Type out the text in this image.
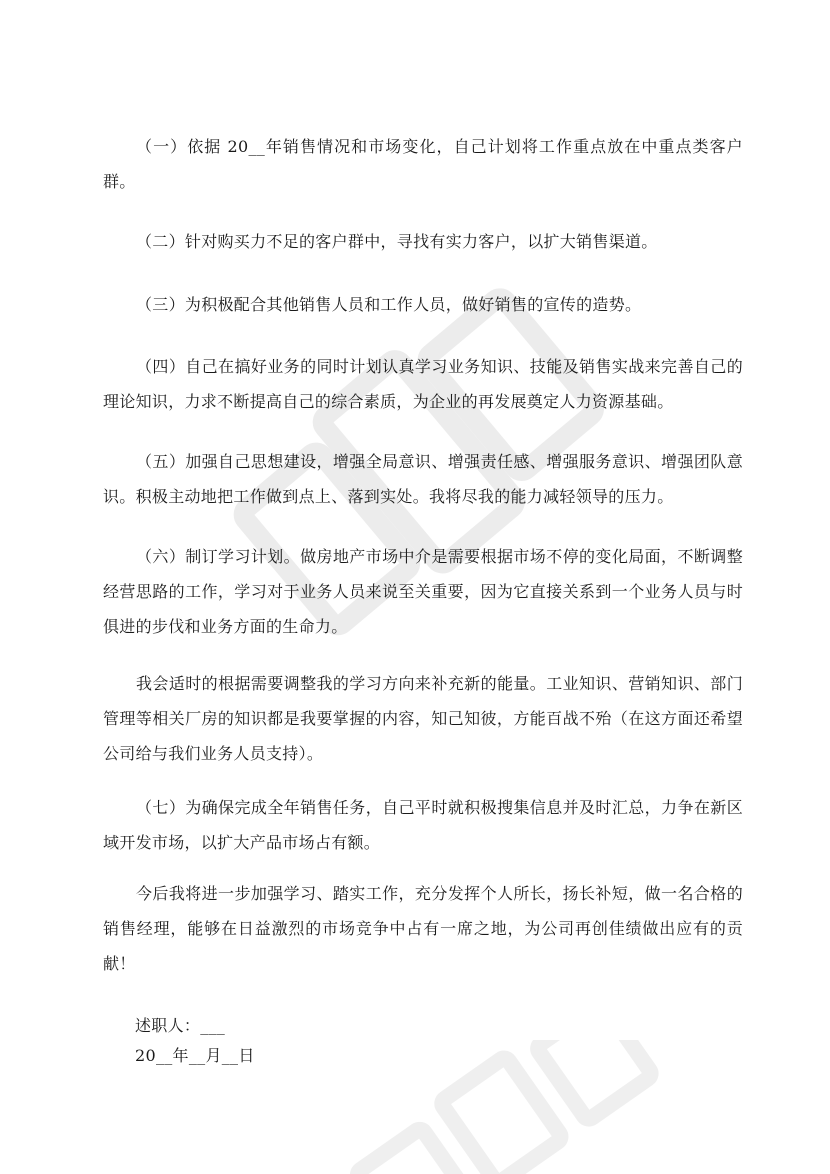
（一）依据 20__年销售情况和市场变化，自己计划将工作重点放在中重点类客户群。

（二）针对购买力不足的客户群中，寻找有实力客户，以扩大销售渠道。

（三）为积极配合其他销售人员和工作人员，做好销售的宣传的造势。

（四）自己在搞好业务的同时计划认真学习业务知识、技能及销售实战来完善自己的理论知识，力求不断提高自己的综合素质，为企业的再发展奠定人力资源基础。

（五）加强自己思想建设，增强全局意识、增强责任感、增强服务意识、增强团队意识。积极主动地把工作做到点上、落到实处。我将尽我的能力减轻领导的压力。

（六）制订学习计划。做房地产市场中介是需要根据市场不停的变化局面，不断调整经营思路的工作，学习对于业务人员来说至关重要，因为它直接关系到一个业务人员与时俱进的步伐和业务方面的生命力。

我会适时的根据需要调整我的学习方向来补充新的能量。工业知识、营销知识、部门管理等相关厂房的知识都是我要掌握的内容，知己知彼，方能百战不殆（在这方面还希望公司给与我们业务人员支持）。

（七）为确保完成全年销售任务，自己平时就积极搜集信息并及时汇总，力争在新区域开发市场，以扩大产品市场占有额。

今后我将进一步加强学习、踏实工作，充分发挥个人所长，扬长补短，做一名合格的销售经理，能够在日益激烈的市场竞争中占有一席之地，为公司再创佳绩做出应有的贡献！

述职人：___

20__年__月__日
